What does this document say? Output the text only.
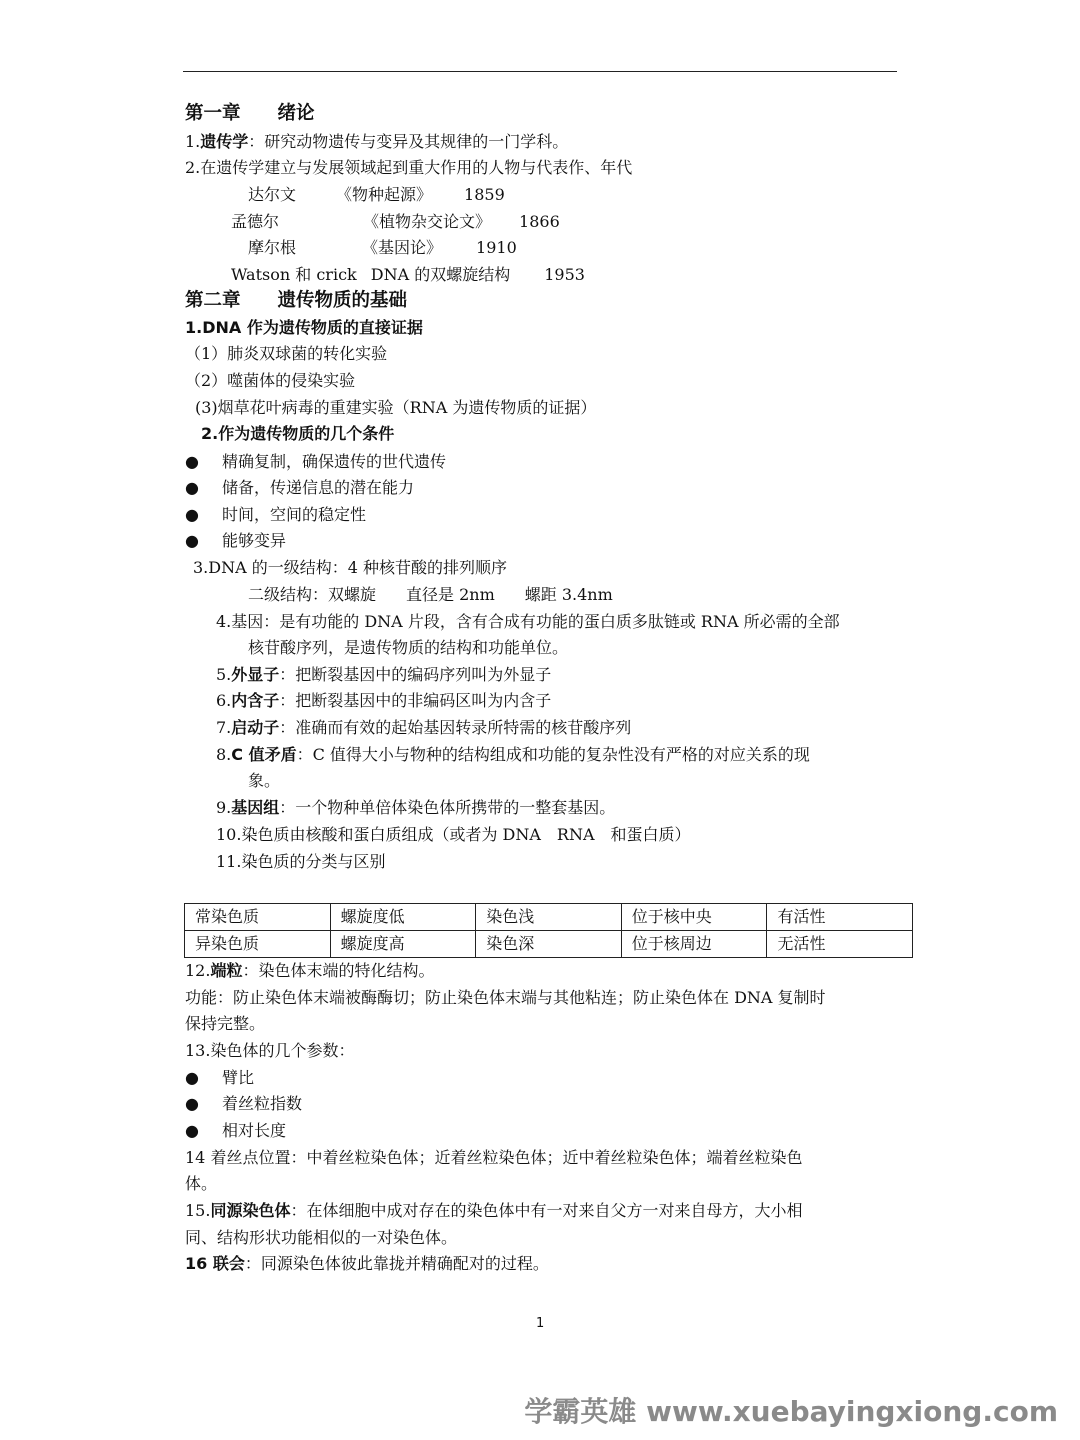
第一章　　绪论
1.遗传学：研究动物遗传与变异及其规律的一门学科。
2.在遗传学建立与发展领域起到重大作用的人物与代表作、年代
达尔文	《物种起源》 1859
孟德尔	《植物杂交论文》 1866
摩尔根	《基因论》 1910
Watson 和 crick DNA 的双螺旋结构 1953
第二章　　遗传物质的基础
1.DNA 作为遗传物质的直接证据
（1）肺炎双球菌的转化实验
（2）噬菌体的侵染实验
(3)烟草花叶病毒的重建实验（RNA 为遗传物质的证据）
2.作为遗传物质的几个条件
● 精确复制，确保遗传的世代遗传
● 储备，传递信息的潜在能力
● 时间，空间的稳定性
● 能够变异
3.DNA 的一级结构：4 种核苷酸的排列顺序
二级结构：双螺旋 直径是 2nm 螺距 3.4nm
4.基因：是有功能的 DNA 片段，含有合成有功能的蛋白质多肽链或 RNA 所必需的全部
核苷酸序列，是遗传物质的结构和功能单位。
5.外显子：把断裂基因中的编码序列叫为外显子
6.内含子：把断裂基因中的非编码区叫为内含子
7.启动子：准确而有效的起始基因转录所特需的核苷酸序列
8.C 值矛盾：C 值得大小与物种的结构组成和功能的复杂性没有严格的对应关系的现
象。
9.基因组：一个物种单倍体染色体所携带的一整套基因。
10.染色质由核酸和蛋白质组成（或者为 DNA　RNA　和蛋白质）
11.染色质的分类与区别
常染色质	螺旋度低	染色浅	位于核中央	有活性
异染色质	螺旋度高	染色深	位于核周边	无活性
12.端粒：染色体末端的特化结构。
功能：防止染色体末端被酶酶切；防止染色体末端与其他粘连；防止染色体在 DNA 复制时
保持完整。
13.染色体的几个参数：
● 臂比
● 着丝粒指数
● 相对长度
14 着丝点位置：中着丝粒染色体；近着丝粒染色体；近中着丝粒染色体；端着丝粒染色
体。
15.同源染色体：在体细胞中成对存在的染色体中有一对来自父方一对来自母方，大小相
同、结构形状功能相似的一对染色体。
16 联会：同源染色体彼此靠拢并精确配对的过程。
1
学霸英雄 www.xuebayingxiong.com
